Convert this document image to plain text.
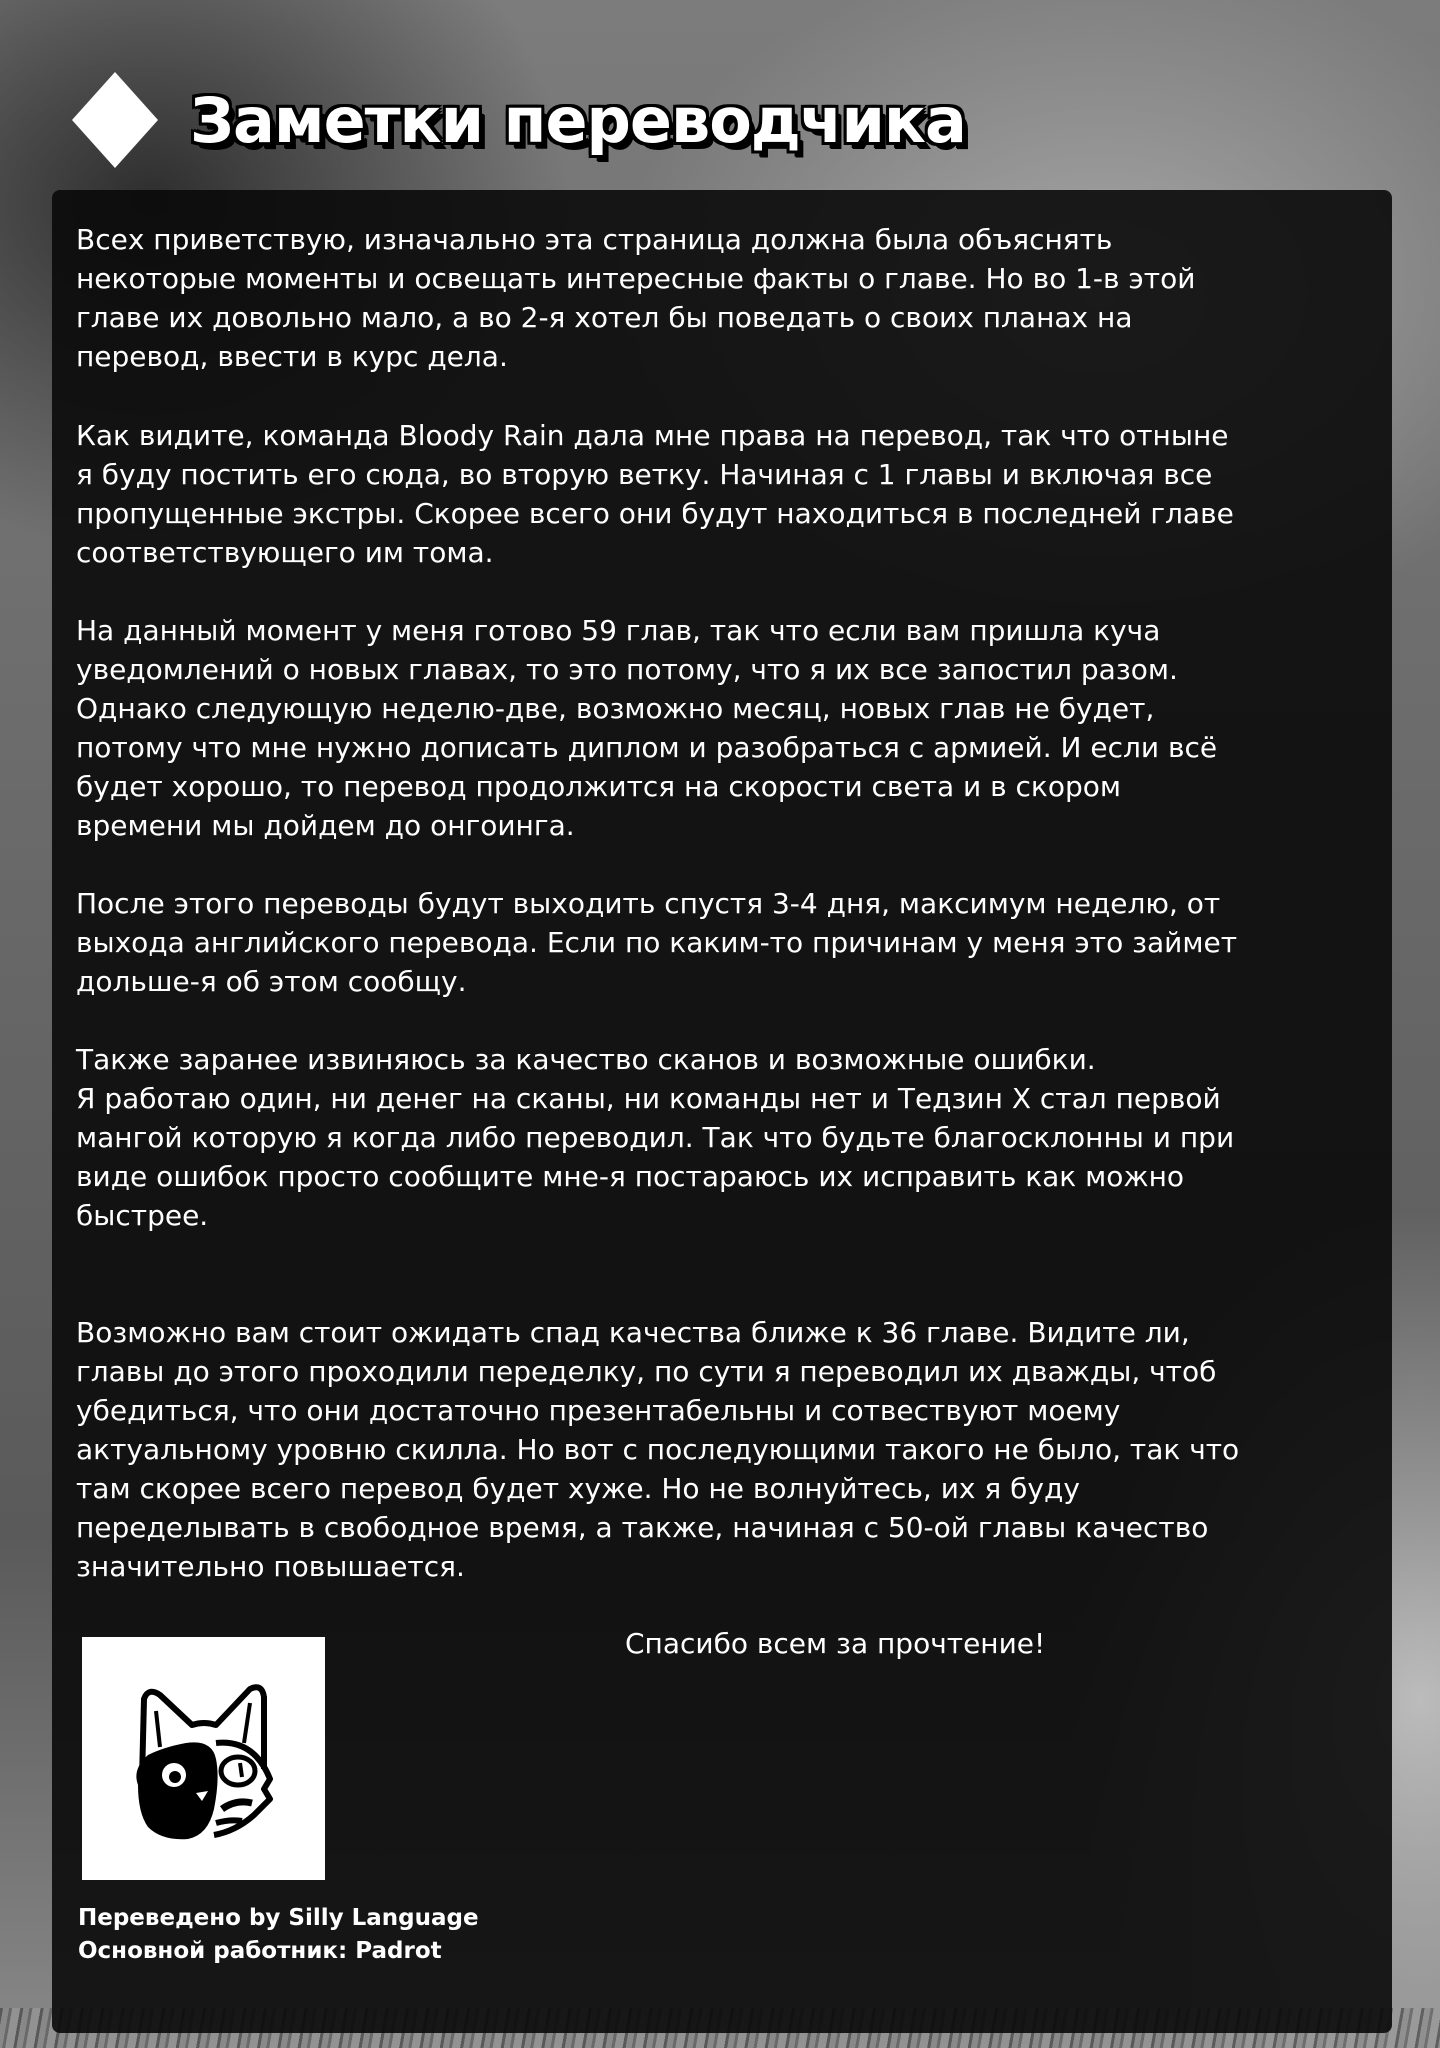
Заметки переводчика
Всех приветствую, изначально эта страница должна была объяснять
некоторые моменты и освещать интересные факты о главе. Но во 1-в этой
главе их довольно мало, а во 2-я хотел бы поведать о своих планах на
перевод, ввести в курс дела.
Как видите, команда Bloody Rain дала мне права на перевод, так что отныне
я буду постить его сюда, во вторую ветку. Начиная с 1 главы и включая все
пропущенные экстры. Скорее всего они будут находиться в последней главе
соответствующего им тома.
На данный момент у меня готово 59 глав, так что если вам пришла куча
уведомлений о новых главах, то это потому, что я их все запостил разом.
Однако следующую неделю-две, возможно месяц, новых глав не будет,
потому что мне нужно дописать диплом и разобраться с армией. И если всё
будет хорошо, то перевод продолжится на скорости света и в скором
времени мы дойдем до онгоинга.
После этого переводы будут выходить спустя 3-4 дня, максимум неделю, от
выхода английского перевода. Если по каким-то причинам у меня это займет
дольше-я об этом сообщу.
Также заранее извиняюсь за качество сканов и возможные ошибки.
Я работаю один, ни денег на сканы, ни команды нет и Тедзин Х стал первой
мангой которую я когда либо переводил. Так что будьте благосклонны и при
виде ошибок просто сообщите мне-я постараюсь их исправить как можно
быстрее.
Возможно вам стоит ожидать спад качества ближе к 36 главе. Видите ли,
главы до этого проходили переделку, по сути я переводил их дважды, чтоб
убедиться, что они достаточно презентабельны и сотвествуют моему
актуальному уровню скилла. Но вот с последующими такого не было, так что
там скорее всего перевод будет хуже. Но не волнуйтесь, их я буду
переделывать в свободное время, а также, начиная с 50-ой главы качество
значительно повышается.
Спасибо всем за прочтение!
Переведено by Silly Language
Основной работник: Padrot
